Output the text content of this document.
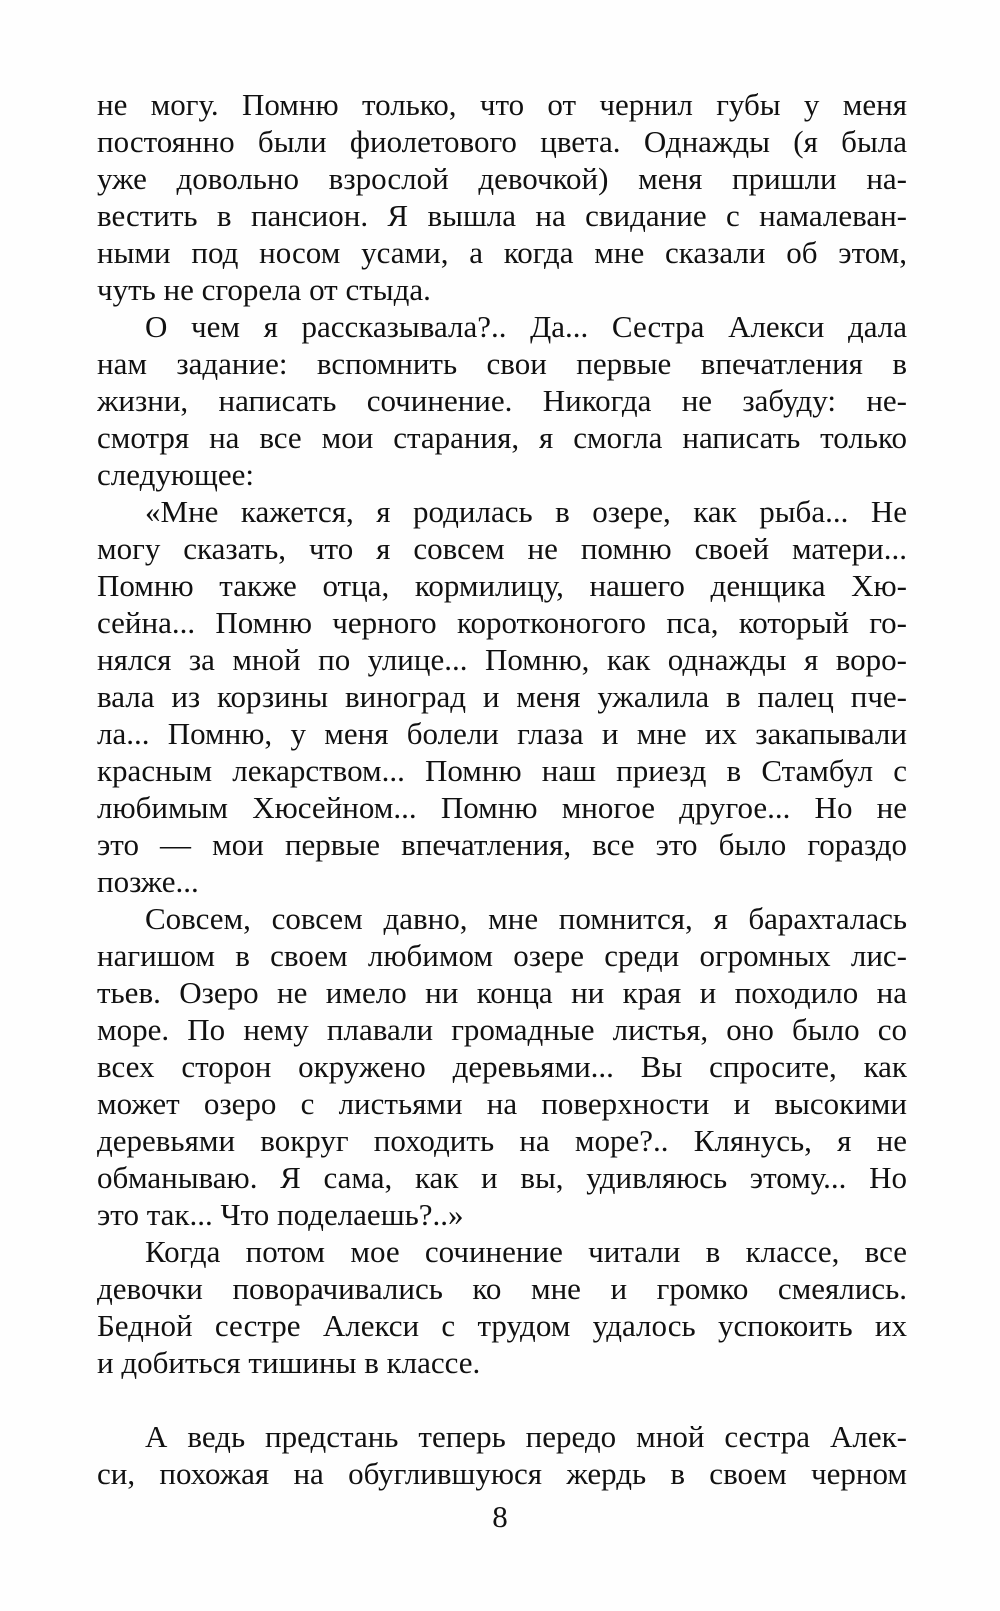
не могу. Помню только, что от чернил губы у меня
постоянно были фиолетового цвета. Однажды (я была
уже довольно взрослой девочкой) меня пришли на-
вестить в пансион. Я вышла на свидание с намалеван-
ными под носом усами, а когда мне сказали об этом,
чуть не сгорела от стыда.
О чем я рассказывала?.. Да... Сестра Алекси дала
нам задание: вспомнить свои первые впечатления в
жизни, написать сочинение. Никогда не забуду: не-
смотря на все мои старания, я смогла написать только
следующее:
«Мне кажется, я родилась в озере, как рыба... Не
могу сказать, что я совсем не помню своей матери...
Помню также отца, кормилицу, нашего денщика Хю-
сейна... Помню черного коротконогого пса, который го-
нялся за мной по улице... Помню, как однажды я воро-
вала из корзины виноград и меня ужалила в палец пче-
ла... Помню, у меня болели глаза и мне их закапывали
красным лекарством... Помню наш приезд в Стамбул с
любимым Хюсейном... Помню многое другое... Но не
это — мои первые впечатления, все это было гораздо
позже...
Совсем, совсем давно, мне помнится, я барахталась
нагишом в своем любимом озере среди огромных лис-
тьев. Озеро не имело ни конца ни края и походило на
море. По нему плавали громадные листья, оно было со
всех сторон окружено деревьями... Вы спросите, как
может озеро с листьями на поверхности и высокими
деревьями вокруг походить на море?.. Клянусь, я не
обманываю. Я сама, как и вы, удивляюсь этому... Но
это так... Что поделаешь?..»
Когда потом мое сочинение читали в классе, все
девочки поворачивались ко мне и громко смеялись.
Бедной сестре Алекси с трудом удалось успокоить их
и добиться тишины в классе.
А ведь предстань теперь передо мной сестра Алек-
си, похожая на обуглившуюся жердь в своем черном
8
